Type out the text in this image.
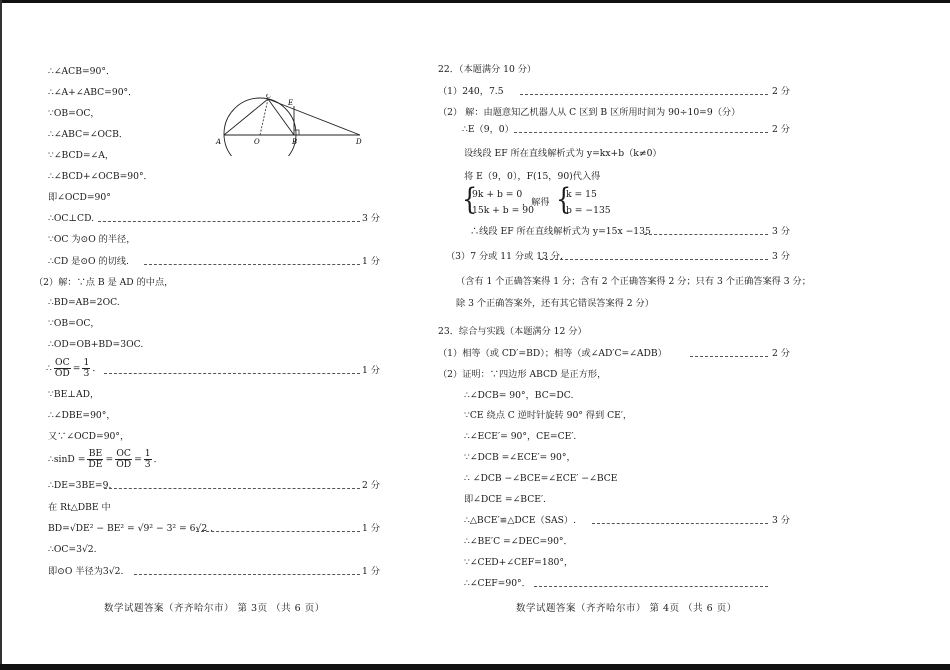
∴∠ACB=90°．
∴∠A+∠ABC=90°．
∵OB=OC，
∴∠ABC=∠OCB．
∵∠BCD=∠A，
∴∠BCD+∠OCB=90°．
即∠OCD=90°
A	O	B
C
E
D
∴OC⊥CD.	3 分
∵OC 为⊙O 的半径，
∴CD 是⊙O 的切线.	1 分
（2）解：∵点 B 是 AD 的中点，
∴BD=AB=2OC.
∵OB=OC，
∴OD=OB+BD=3OC.
∴ $\frac{OC}{OD} = \frac{1}{3}$ ．	1 分
∵BE⊥AD，
∴∠DBE=90°，
又∵∠OCD=90°，
∴sinD = $\frac{BE}{DE} = \frac{OC}{OD} = \frac{1}{3}$ ．
∴DE=3BE=9.	2 分
在 Rt△DBE 中
BD=√DE² − BE² = √9² − 3² = 6√2 .	1 分
∴OC=3√2.
即⊙O 半径为3√2.	1 分
数学试题答案（齐齐哈尔市） 第 3页 （共 6 页）
22．（本题满分 10 分）
（1）240，7.5	2 分
（2） 解：由题意知乙机器人从 C 区到 B 区所用时间为 90÷10=9（分）
∴E（9，0）	2 分
设线段 EF 所在直线解析式为 y=kx+b（k≠0）
将 E（9，0），F(15，90)代入得
{
9k + b = 0
15k + b = 90
，解得 {
k = 15
b = −135
∴线段 EF 所在直线解析式为 y=15x −135	3 分
（3）7 分或 11 分或 13 分.	3 分
（含有 1 个正确答案得 1 分；含有 2 个正确答案得 2 分；只有 3 个正确答案得 3 分；
除 3 个正确答案外，还有其它错误答案得 2 分）
23．综合与实践（本题满分 12 分）
（1）相等（或 CD′=BD）；相等（或∠AD′C=∠ADB）	2 分
（2）证明：∵四边形 ABCD 是正方形，
∴∠DCB= 90°，BC=DC.
∵CE 绕点 C 逆时针旋转 90° 得到 CE′，
∴∠ECE′= 90°，CE=CE′.
∵∠DCB =∠ECE′= 90°，
∴ ∠DCB −∠BCE=∠ECE′ −∠BCE
即∠DCE =∠BCE′.
∴△BCE′≌△DCE（SAS）.	3 分
∴∠BE′C =∠DEC=90°．
∵∠CED+∠CEF=180°，
∴∠CEF=90°．
数学试题答案（齐齐哈尔市） 第 4页 （共 6 页）
